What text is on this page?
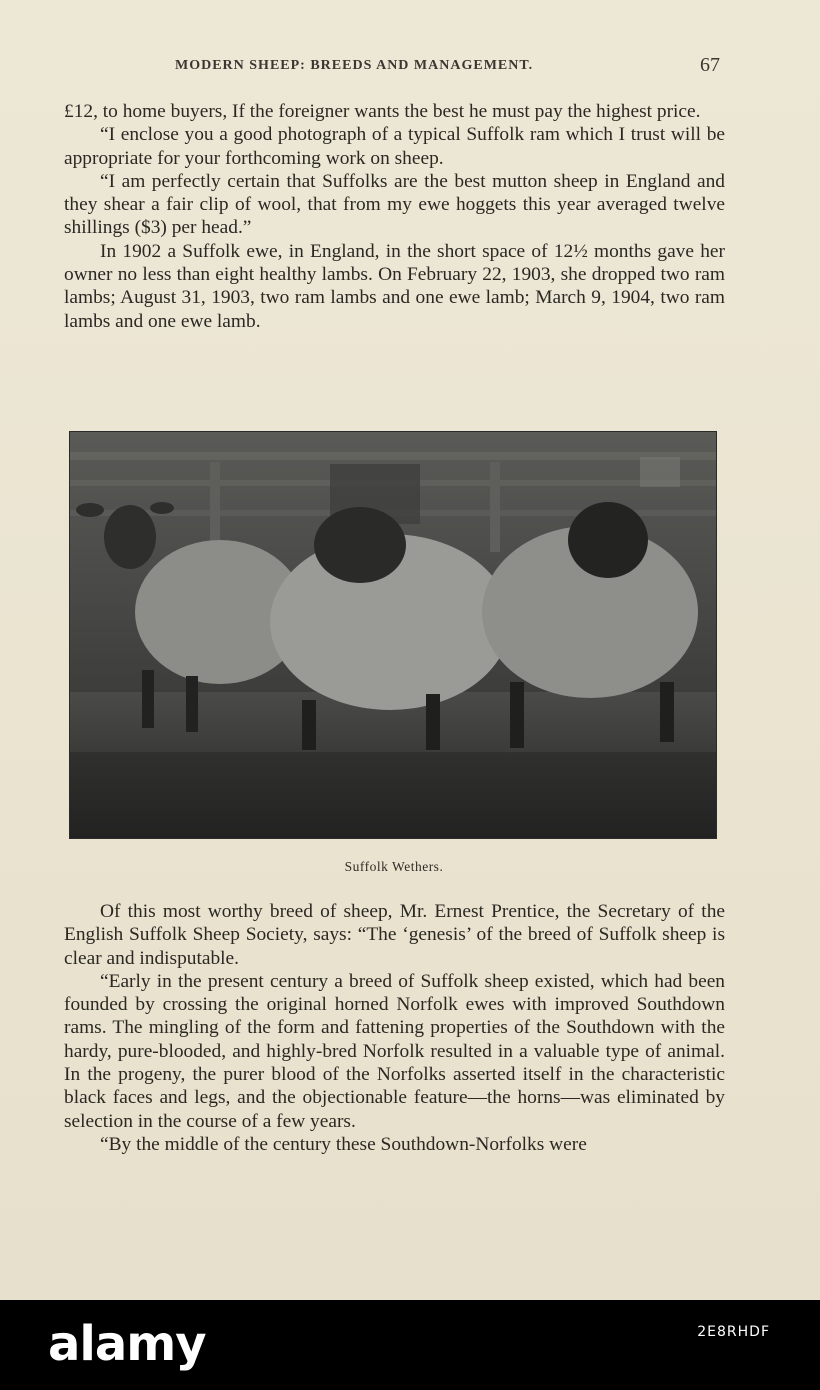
MODERN SHEEP: BREEDS AND MANAGEMENT.	67

£12, to home buyers, If the foreigner wants the best he must pay the highest price.

“I enclose you a good photograph of a typical Suffolk ram which I trust will be appropriate for your forthcoming work on sheep.

“I am perfectly certain that Suffolks are the best mutton sheep in England and they shear a fair clip of wool, that from my ewe hoggets this year averaged twelve shillings ($3) per head.”

In 1902 a Suffolk ewe, in England, in the short space of 12½ months gave her owner no less than eight healthy lambs. On February 22, 1903, she dropped two ram lambs; August 31, 1903, two ram lambs and one ewe lamb; March 9, 1904, two ram lambs and one ewe lamb.

Suffolk Wethers.

Of this most worthy breed of sheep, Mr. Ernest Prentice, the Secretary of the English Suffolk Sheep Society, says: “The ‘genesis’ of the breed of Suffolk sheep is clear and indisputable.

“Early in the present century a breed of Suffolk sheep existed, which had been founded by crossing the original horned Norfolk ewes with improved Southdown rams. The mingling of the form and fattening properties of the Southdown with the hardy, pure-blooded, and highly-bred Norfolk resulted in a valuable type of animal. In the progeny, the purer blood of the Norfolks asserted itself in the characteristic black faces and legs, and the objectionable feature—the horns—was eliminated by selection in the course of a few years.

“By the middle of the century these Southdown-Norfolks were

alamy	2E8RHDF
